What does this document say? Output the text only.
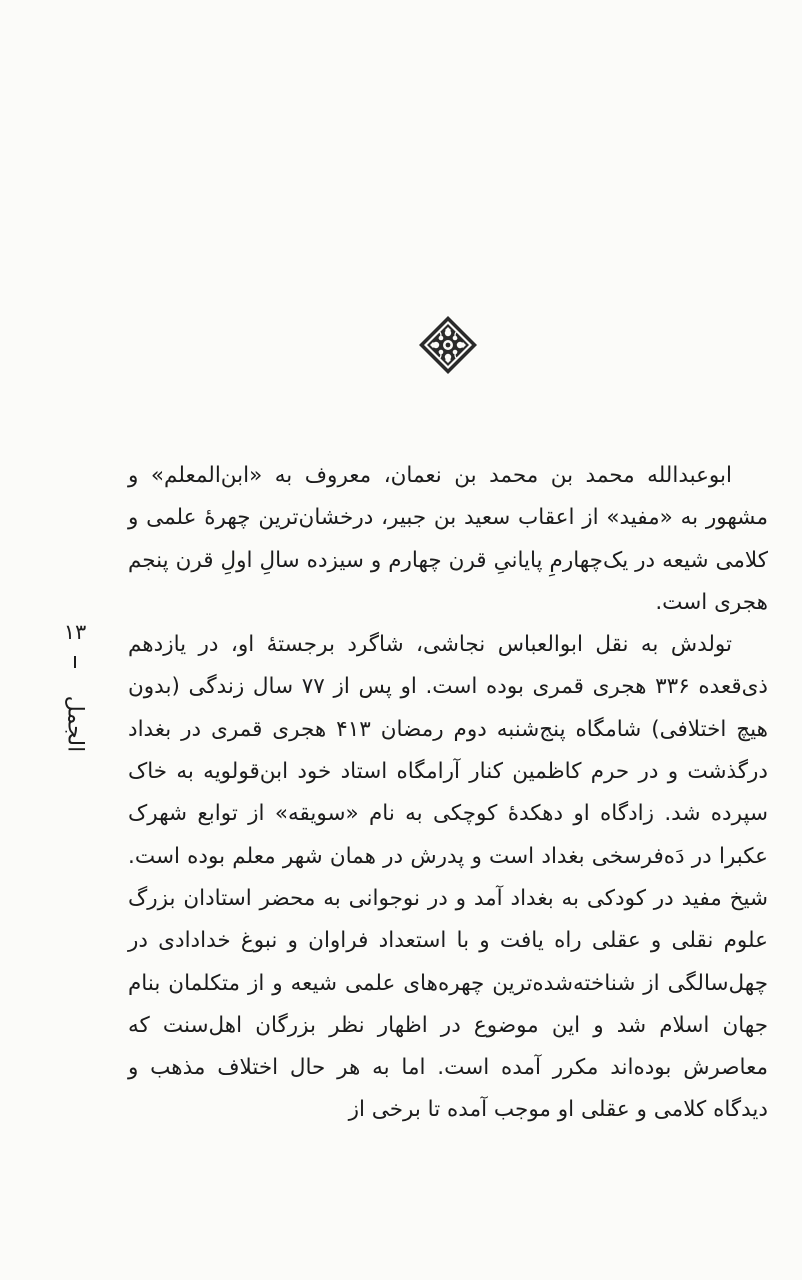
ابوعبدالله محمد بن محمد بن نعمان، معروف به «ابن‌المعلم» و مشهور به «مفید» از اعقاب سعید بن جبیر، درخشان‌ترین چهرهٔ علمی و کلامی شیعه در یک‌چهارمِ پایانیِ قرن چهارم و سیزده سالِ اولِ قرن پنجم هجری است.

تولدش به نقل ابوالعباس نجاشی، شاگرد برجستهٔ او، در یازدهم ذی‌قعده ۳۳۶ هجری قمری بوده است. او پس از ۷۷ سال زندگی (بدون هیچ اختلافی) شامگاه پنج‌شنبه دوم رمضان ۴۱۳ هجری قمری در بغداد درگذشت و در حرم کاظمین کنار آرامگاه استاد خود ابن‌قولویه به خاک سپرده شد. زادگاه او دهکدهٔ کوچکی به نام «سویقه» از توابع شهرک عکبرا در دَه‌فرسخی بغداد است و پدرش در همان شهر معلم بوده است. شیخ مفید در کودکی به بغداد آمد و در نوجوانی به محضر استادان بزرگ علوم نقلی و عقلی راه یافت و با استعداد فراوان و نبوغ خدادادی در چهل‌سالگی از شناخته‌شده‌ترین چهره‌های علمی شیعه و از متکلمان بنام جهان اسلام شد و این موضوع در اظهار نظر بزرگان اهل‌سنت که معاصرش بوده‌اند مکرر آمده است. اما به هر حال اختلاف مذهب و دیدگاه کلامی و عقلی او موجب آمده تا برخی از

۱۳
الجمل
